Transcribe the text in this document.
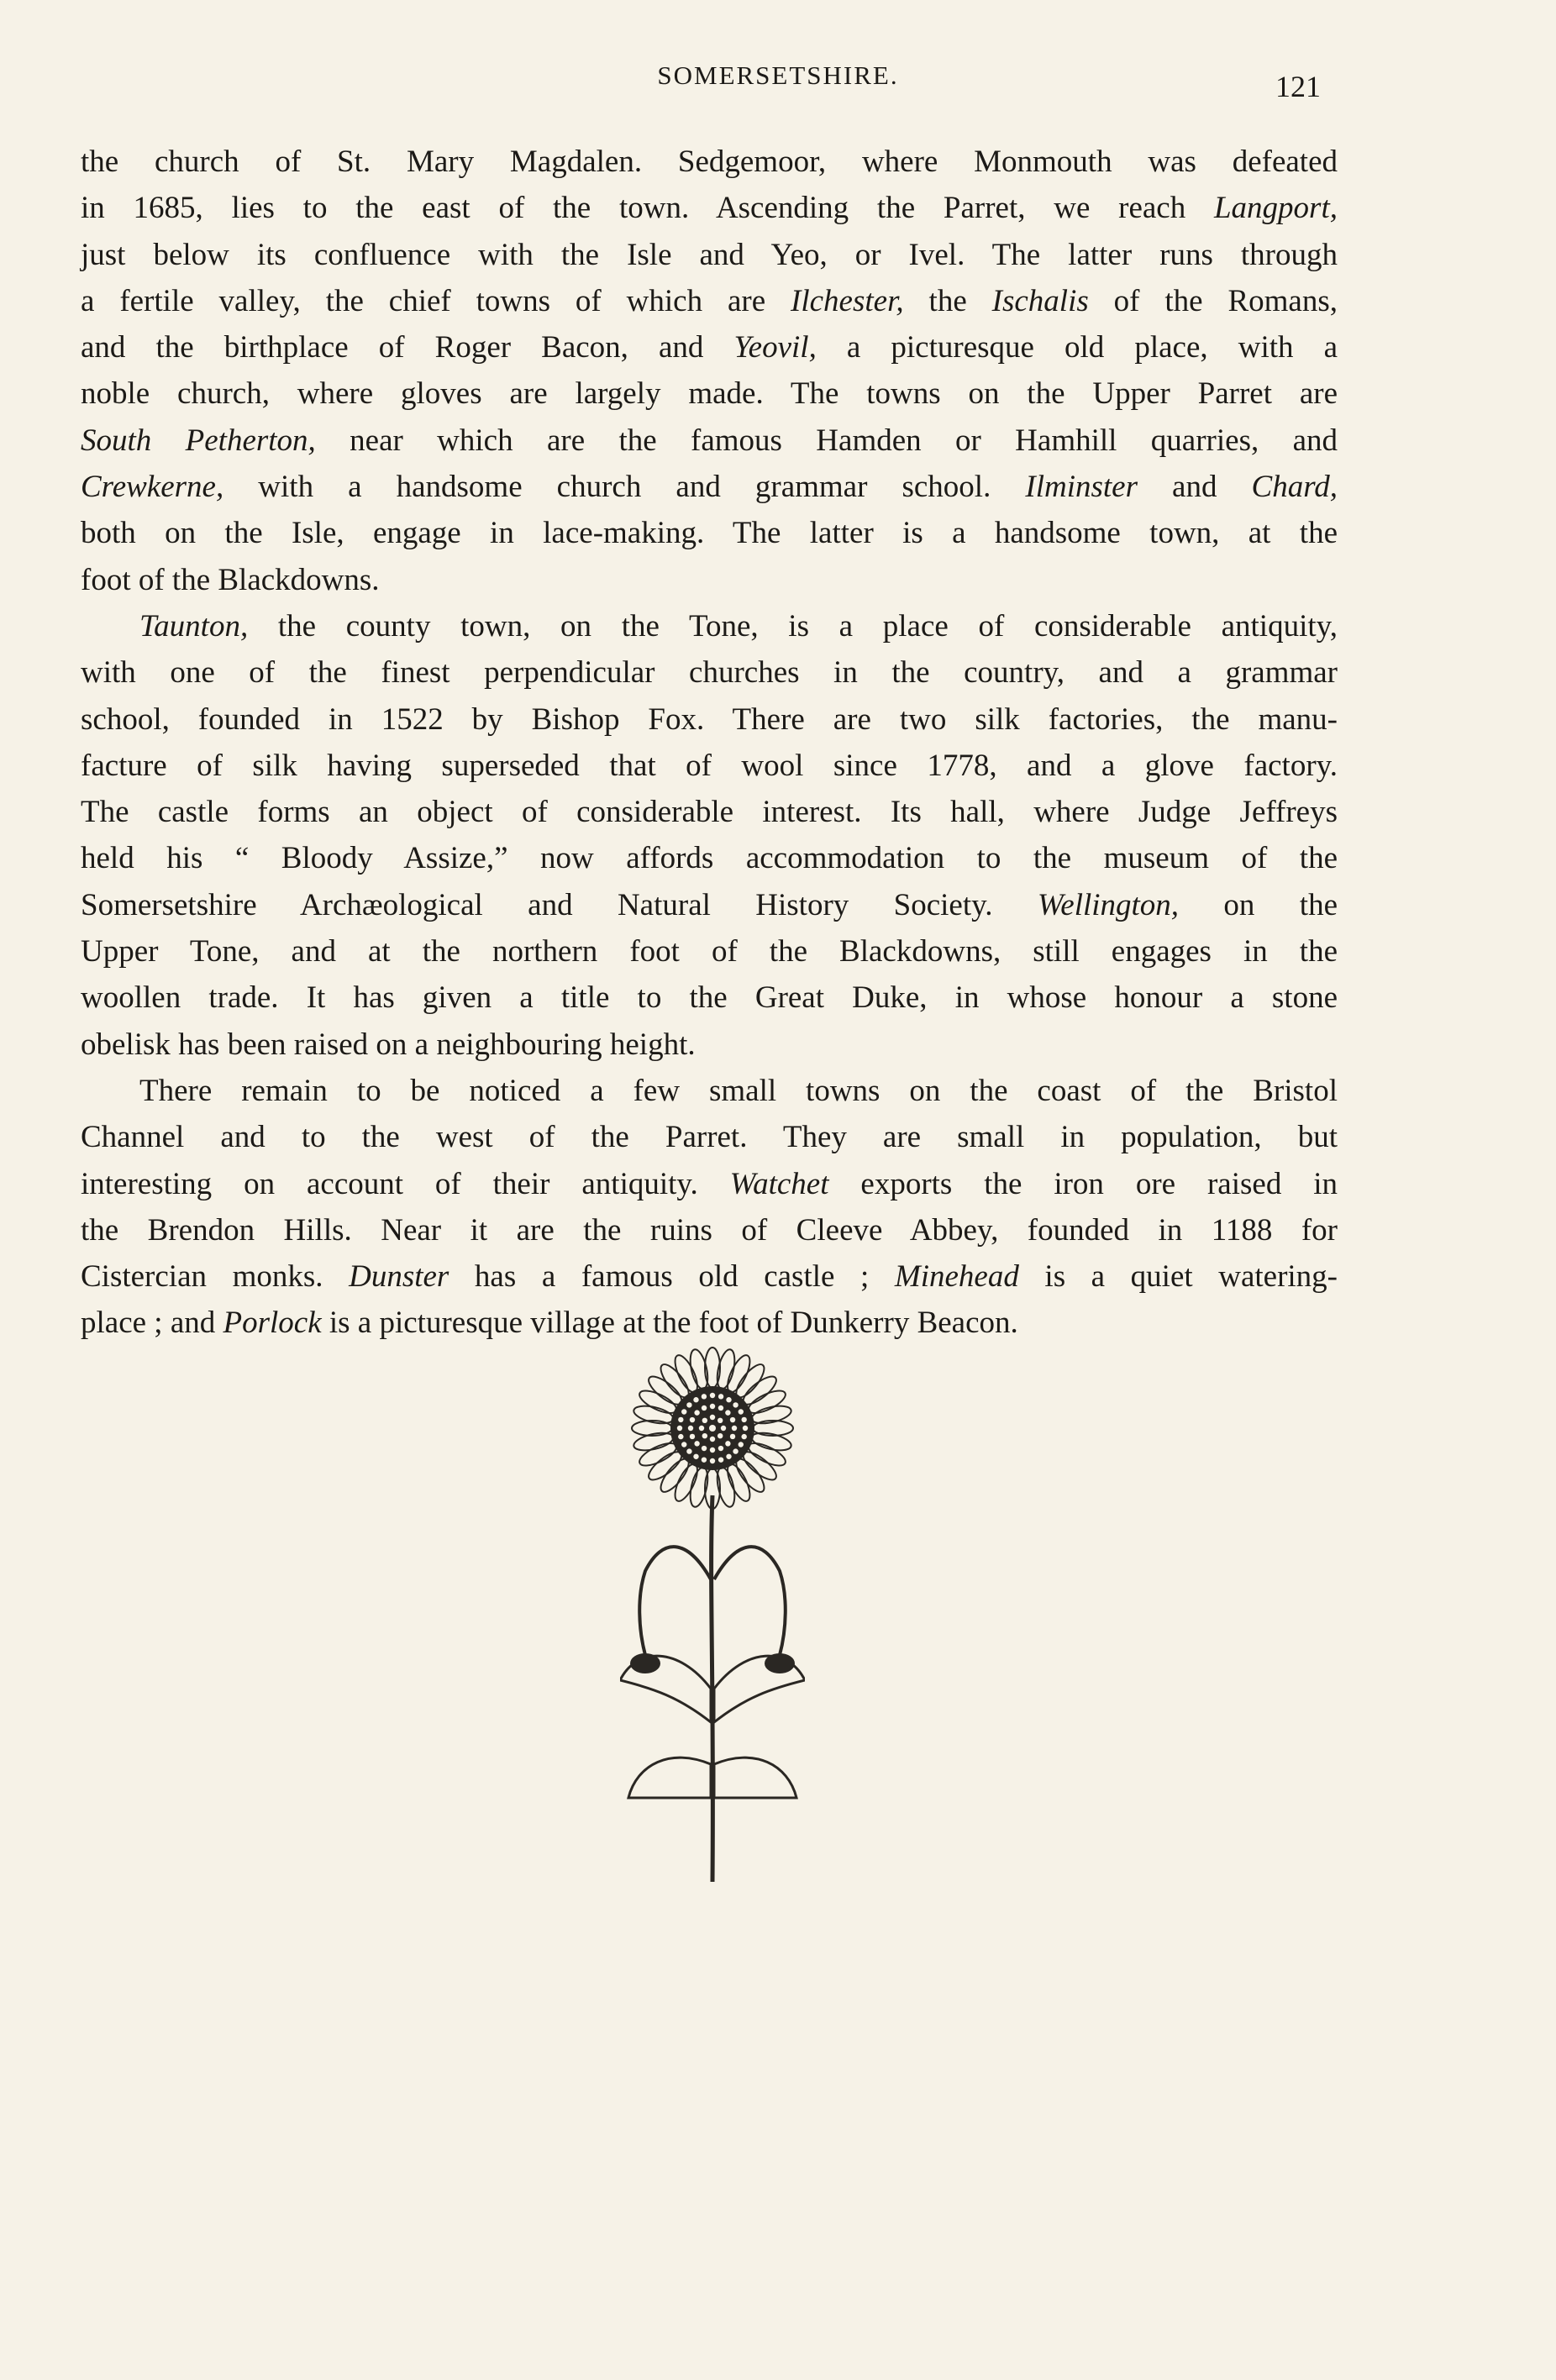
SOMERSETSHIRE.	121
the church of St. Mary Magdalen. Sedgemoor, where Monmouth was defeated
in 1685, lies to the east of the town. Ascending the Parret, we reach Langport,
just below its confluence with the Isle and Yeo, or Ivel. The latter runs through
a fertile valley, the chief towns of which are Ilchester, the Ischalis of the Romans,
and the birthplace of Roger Bacon, and Yeovil, a picturesque old place, with a
noble church, where gloves are largely made. The towns on the Upper Parret are
South Petherton, near which are the famous Hamden or Hamhill quarries, and
Crewkerne, with a handsome church and grammar school. Ilminster and Chard,
both on the Isle, engage in lace-making. The latter is a handsome town, at the
foot of the Blackdowns.
Taunton, the county town, on the Tone, is a place of considerable antiquity,
with one of the finest perpendicular churches in the country, and a grammar
school, founded in 1522 by Bishop Fox. There are two silk factories, the manu-
facture of silk having superseded that of wool since 1778, and a glove factory.
The castle forms an object of considerable interest. Its hall, where Judge Jeffreys
held his “ Bloody Assize,” now affords accommodation to the museum of the
Somersetshire Archæological and Natural History Society. Wellington, on the
Upper Tone, and at the northern foot of the Blackdowns, still engages in the
woollen trade. It has given a title to the Great Duke, in whose honour a stone
obelisk has been raised on a neighbouring height.
There remain to be noticed a few small towns on the coast of the Bristol
Channel and to the west of the Parret. They are small in population, but
interesting on account of their antiquity. Watchet exports the iron ore raised in
the Brendon Hills. Near it are the ruins of Cleeve Abbey, founded in 1188 for
Cistercian monks. Dunster has a famous old castle ; Minehead is a quiet watering-
place ; and Porlock is a picturesque village at the foot of Dunkerry Beacon.
